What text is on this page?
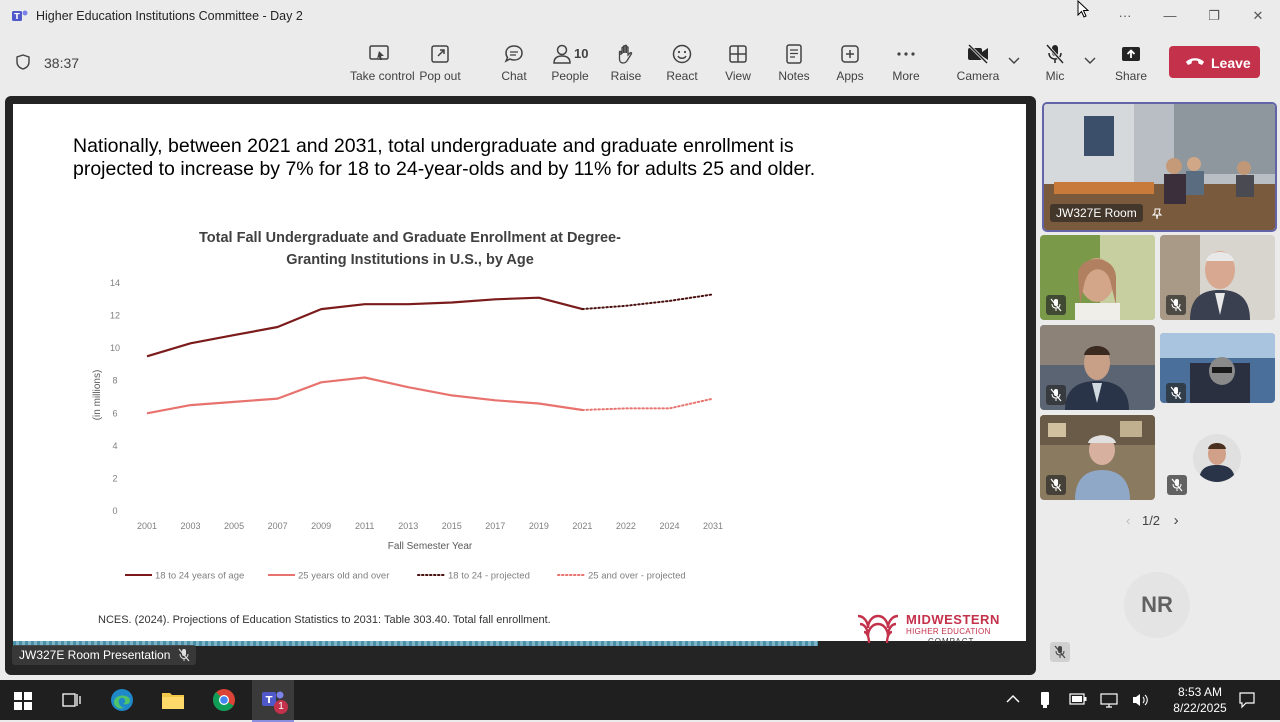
T Higher Education Institutions Committee - Day 2	···	—	❐	✕
38:37
Take control Pop out	Chat
10
People	Raise	React	View	Notes	Apps	More	Camera	Mic	Share
Leave
Nationally, between 2021 and 2031, total undergraduate and graduate enrollment is
projected to increase by 7% for 18 to 24-year-olds and by 11% for adults 25 and older.
Total Fall Undergraduate and Graduate Enrollment at Degree-
Granting Institutions in U.S., by Age
0
2
4
6
8
10
12
14
2001	2003	2005	2007	2009	2011	2013	2015	2017	2019	2021	2022	2024	2031
(in millions)
Fall Semester Year
18 to 24 years of age	25 years old and over	18 to 24 - projected	25 and over - projected
NCES. (2024). Projections of Education Statistics to 2031: Table 303.40. Total fall enrollment.	MIDWESTERN
HIGHER EDUCATION
COMPACT
JW327E Room Presentation
JW327E Room
‹ 1/2 ›
NR
T
1
8:53 AM
8/22/2025
